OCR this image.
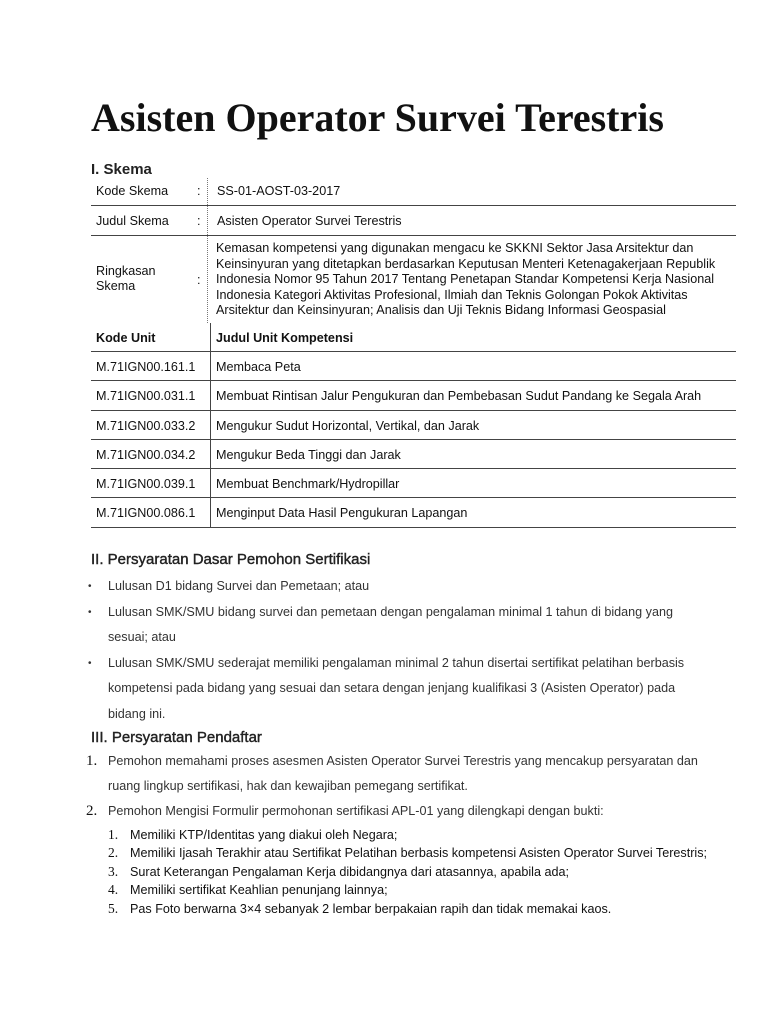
Asisten Operator Survei Terestris
I. Skema
Kode Skema : SS-01-AOST-03-2017
Judul Skema : Asisten Operator Survei Terestris
Ringkasan Skema	:
Kemasan kompetensi yang digunakan mengacu ke SKKNI Sektor Jasa Arsitektur dan Keinsinyuran yang ditetapkan berdasarkan Keputusan Menteri Ketenagakerjaan Republik Indonesia Nomor 95 Tahun 2017 Tentang Penetapan Standar Kompetensi Kerja Nasional Indonesia Kategori Aktivitas Profesional, Ilmiah dan Teknis Golongan Pokok Aktivitas Arsitektur dan Keinsinyuran; Analisis dan Uji Teknis Bidang Informasi Geospasial
Kode Unit	Judul Unit Kompetensi
M.71IGN00.161.1 Membaca Peta
M.71IGN00.031.1 Membuat Rintisan Jalur Pengukuran dan Pembebasan Sudut Pandang ke Segala Arah
M.71IGN00.033.2 Mengukur Sudut Horizontal, Vertikal, dan Jarak
M.71IGN00.034.2 Mengukur Beda Tinggi dan Jarak
M.71IGN00.039.1 Membuat Benchmark/Hydropillar
M.71IGN00.086.1 Menginput Data Hasil Pengukuran Lapangan
II. Persyaratan Dasar Pemohon Sertifikasi
• Lulusan D1 bidang Survei dan Pemetaan; atau
• Lulusan SMK/SMU bidang survei dan pemetaan dengan pengalaman minimal 1 tahun di bidang yang sesuai; atau
• Lulusan SMK/SMU sederajat memiliki pengalaman minimal 2 tahun disertai sertifikat pelatihan berbasis kompetensi pada bidang yang sesuai dan setara dengan jenjang kualifikasi 3 (Asisten Operator) pada bidang ini.
III. Persyaratan Pendaftar
1. Pemohon memahami proses asesmen Asisten Operator Survei Terestris yang mencakup persyaratan dan ruang lingkup sertifikasi, hak dan kewajiban pemegang sertifikat.
2. Pemohon Mengisi Formulir permohonan sertifikasi APL-01 yang dilengkapi dengan bukti:
1. Memiliki KTP/Identitas yang diakui oleh Negara;
2. Memiliki Ijasah Terakhir atau Sertifikat Pelatihan berbasis kompetensi Asisten Operator Survei Terestris;
3. Surat Keterangan Pengalaman Kerja dibidangnya dari atasannya, apabila ada;
4. Memiliki sertifikat Keahlian penunjang lainnya;
5. Pas Foto berwarna 3×4 sebanyak 2 lembar berpakaian rapih dan tidak memakai kaos.
